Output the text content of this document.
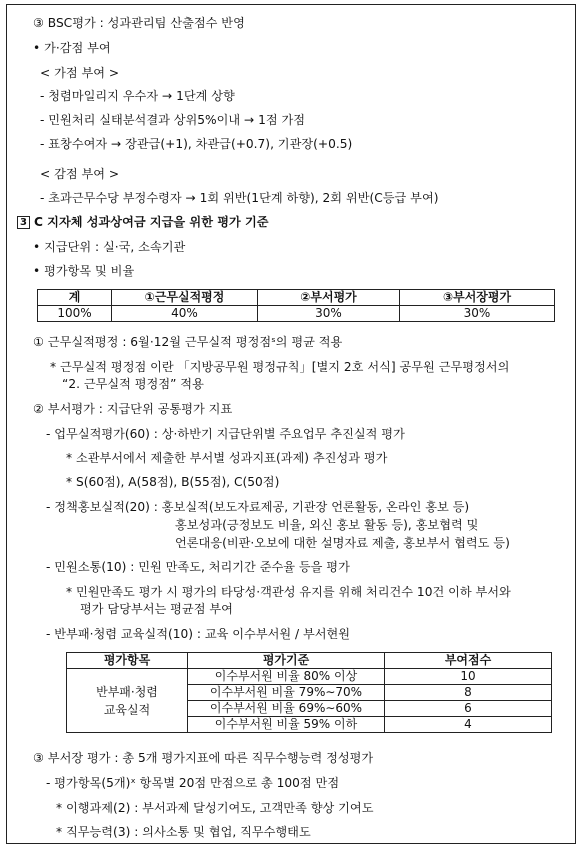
③ BSC평가 : 성과관리팀 산출점수 반영
• 가·감점 부여
< 가점 부여 >
- 청렴마일리지 우수자 → 1단계 상향
- 민원처리 실태분석결과 상위5%이내 → 1점 가점
- 표창수여자 → 장관급(+1), 차관급(+0.7), 기관장(+0.5)
< 감점 부여 >
- 초과근무수당 부정수령자 → 1회 위반(1단계 하향), 2회 위반(C등급 부여)
3 C 지자체 성과상여금 지급을 위한 평가 기준
• 지급단위 : 실·국, 소속기관
• 평가항목 및 비율
계	①근무실적평정	②부서평가	③부서장평가
100%	40%	30%	30%
① 근무실적평정 : 6월·12월 근무실적 평정점ˢ의 평균 적용
* 근무실적 평정점 이란 「지방공무원 평정규칙」[별지 2호 서식] 공무원 근무평정서의
“2. 근무실적 평정점” 적용
② 부서평가 : 지급단위 공통평가 지표
- 업무실적평가(60) : 상·하반기 지급단위별 주요업무 추진실적 평가
* 소관부서에서 제출한 부서별 성과지표(과제) 추진성과 평가
* S(60점), A(58점), B(55점), C(50점)
- 정책홍보실적(20) : 홍보실적(보도자료제공, 기관장 언론활동, 온라인 홍보 등)
홍보성과(긍정보도 비율, 외신 홍보 활동 등), 홍보협력 및
언론대응(비판·오보에 대한 설명자료 제출, 홍보부서 협력도 등)
- 민원소통(10) : 민원 만족도, 처리기간 준수율 등을 평가
* 민원만족도 평가 시 평가의 타당성·객관성 유지를 위해 처리건수 10건 이하 부서와
평가 담당부서는 평균점 부여
- 반부패·청렴 교육실적(10) : 교육 이수부서원 / 부서현원
평가항목	평가기준	부여점수

반부패·청렴
교육실적	이수부서원 비율 80% 이상	10
	이수부서원 비율 79%∼70%	8
	이수부서원 비율 69%∼60%	6
	이수부서원 비율 59% 이하	4
③ 부서장 평가 : 총 5개 평가지표에 따른 직무수행능력 정성평가
- 평가항목(5개)ˣ 항목별 20점 만점으로 총 100점 만점
* 이행과제(2) : 부서과제 달성기여도, 고객만족 향상 기여도
* 직무능력(3) : 의사소통 및 협업, 직무수행태도
